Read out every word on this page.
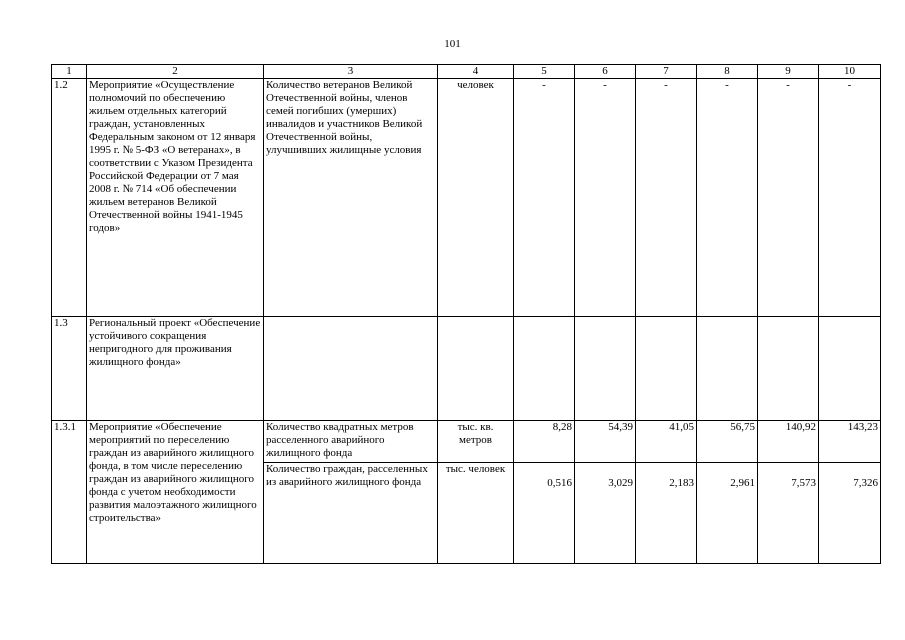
101
1	2	3	4	5	6	7	8	9	10
1.2	Мероприятие «Осуществление полномочий по обеспечению жильем отдельных категорий граждан, установленных Федеральным законом от 12 января 1995 г. № 5-ФЗ «О ветеранах», в соответствии с Указом Президента Российской Федерации от 7 мая 2008 г. № 714 «Об обеспечении жильем ветеранов Великой Отечественной войны 1941-1945 годов»	Количество ветеранов Великой Отечественной войны, членов семей погибших (умерших) инвалидов и участников Великой Отечественной войны, улучшивших жилищные условия	человек	-	-	-	-	-	-
1.3	Региональный проект «Обеспечение устойчивого сокращения непригодного для проживания жилищного фонда»								
1.3.1	Мероприятие «Обеспечение мероприятий по переселению граждан из аварийного жилищного фонда, в том числе переселению граждан из аварийного жилищного фонда с учетом необходимости развития малоэтажного жилищного строительства»	Количество квадратных метров расселенного аварийного жилищного фонда	тыс. кв. метров	8,28	54,39	41,05	56,75	140,92	143,23
		Количество граждан, расселенных из аварийного жилищного фонда	тыс. человек	0,516	3,029	2,183	2,961	7,573	7,326
